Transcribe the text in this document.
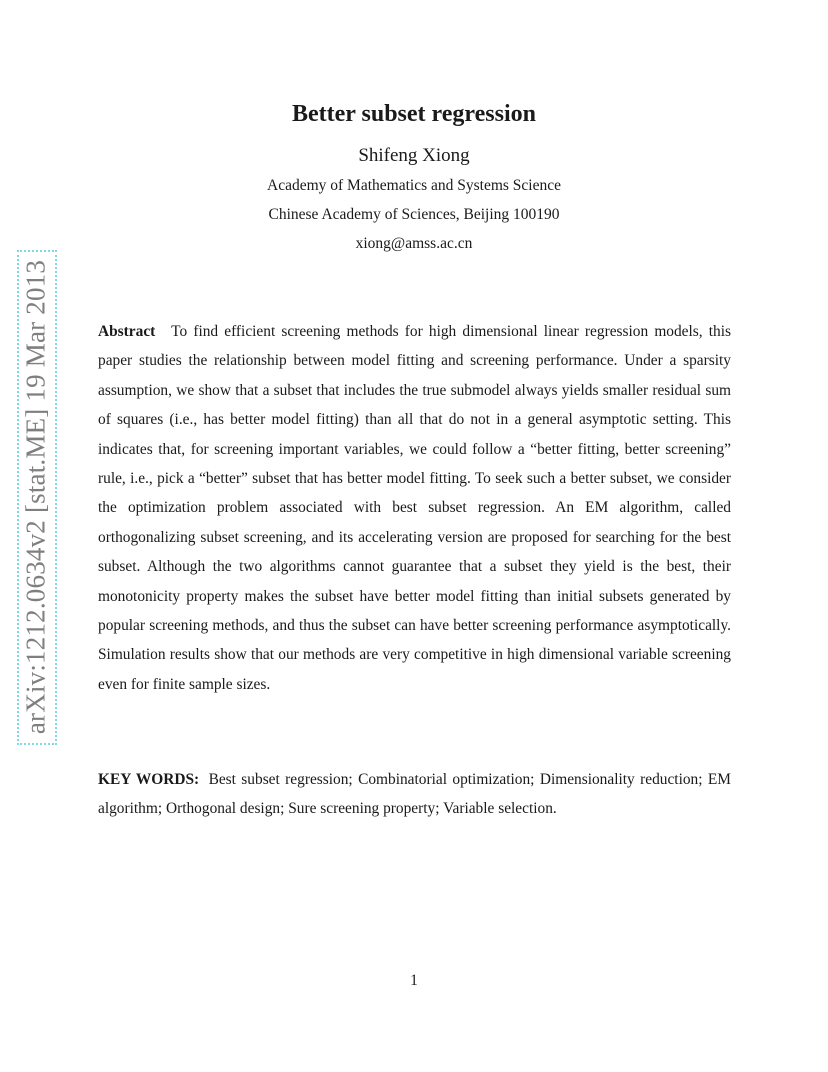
arXiv:1212.0634v2 [stat.ME] 19 Mar 2013
Better subset regression
Shifeng Xiong
Academy of Mathematics and Systems Science
Chinese Academy of Sciences, Beijing 100190
xiong@amss.ac.cn
Abstract To find efficient screening methods for high dimensional linear regression models, this paper studies the relationship between model fitting and screening performance. Under a sparsity assumption, we show that a subset that includes the true submodel always yields smaller residual sum of squares (i.e., has better model fitting) than all that do not in a general asymptotic setting. This indicates that, for screening important variables, we could follow a “better fitting, better screening” rule, i.e., pick a “better” subset that has better model fitting. To seek such a better subset, we consider the optimization problem associated with best subset regression. An EM algorithm, called orthogonalizing subset screening, and its accelerating version are proposed for searching for the best subset. Although the two algorithms cannot guarantee that a subset they yield is the best, their monotonicity property makes the subset have better model fitting than initial subsets generated by popular screening methods, and thus the subset can have better screening performance asymptotically. Simulation results show that our methods are very competitive in high dimensional variable screening even for finite sample sizes.
KEY WORDS: Best subset regression; Combinatorial optimization; Dimensionality reduction; EM algorithm; Orthogonal design; Sure screening property; Variable selection.
1
